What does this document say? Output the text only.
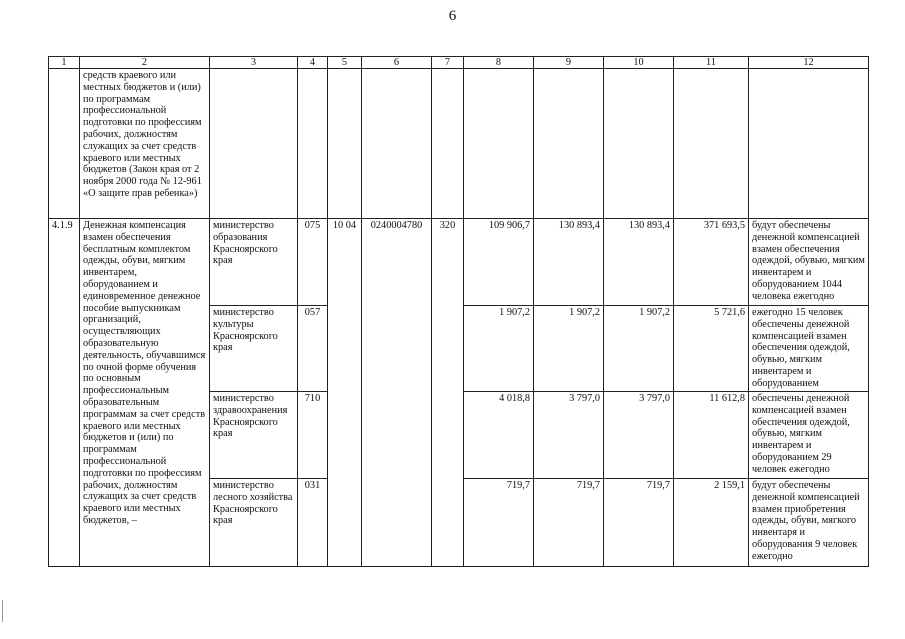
6
1	2	3	4	5	6	7	8	9	10	11	12
	средств краевого или местных бюджетов и (или) по программам профессиональной подготовки по профессиям рабочих, должностям служащих за счет средств краевого или местных бюджетов (Закон края от 2 ноября 2000 года № 12-961 «О защите прав ребенка»)										
4.1.9	Денежная компенсация взамен обеспечения бесплатным комплектом одежды, обуви, мягким инвентарем, оборудованием и единовременное денежное пособие выпускникам организаций, осуществляющих образовательную деятельность, обучавшимся по очной форме обучения по основным профессиональным образовательным программам за счет средств краевого или местных бюджетов и (или) по программам профессиональной подготовки по профессиям рабочих, должностям служащих за счет средств краевого или местных бюджетов, –	министерство образования Красноярского края	075	10 04	0240004780	320	109 906,7	130 893,4	130 893,4	371 693,5	будут обеспечены денежной компенсацией взамен обеспечения одеждой, обувью, мягким инвентарем и оборудованием 1044 человека ежегодно
		министерство культуры Красноярского края	057				1 907,2	1 907,2	1 907,2	5 721,6	ежегодно 15 человек обеспечены денежной компенсацией взамен обеспечения одеждой, обувью, мягким инвентарем и оборудованием
		министерство здравоохранения Красноярского края	710				4 018,8	3 797,0	3 797,0	11 612,8	обеспечены денежной компенсацией взамен обеспечения одеждой, обувью, мягким инвентарем и оборудованием 29 человек ежегодно
		министерство лесного хозяйства Красноярского края	031				719,7	719,7	719,7	2 159,1	будут обеспечены денежной компенсацией взамен приобретения одежды, обуви, мягкого инвентаря и оборудования 9 человек ежегодно
